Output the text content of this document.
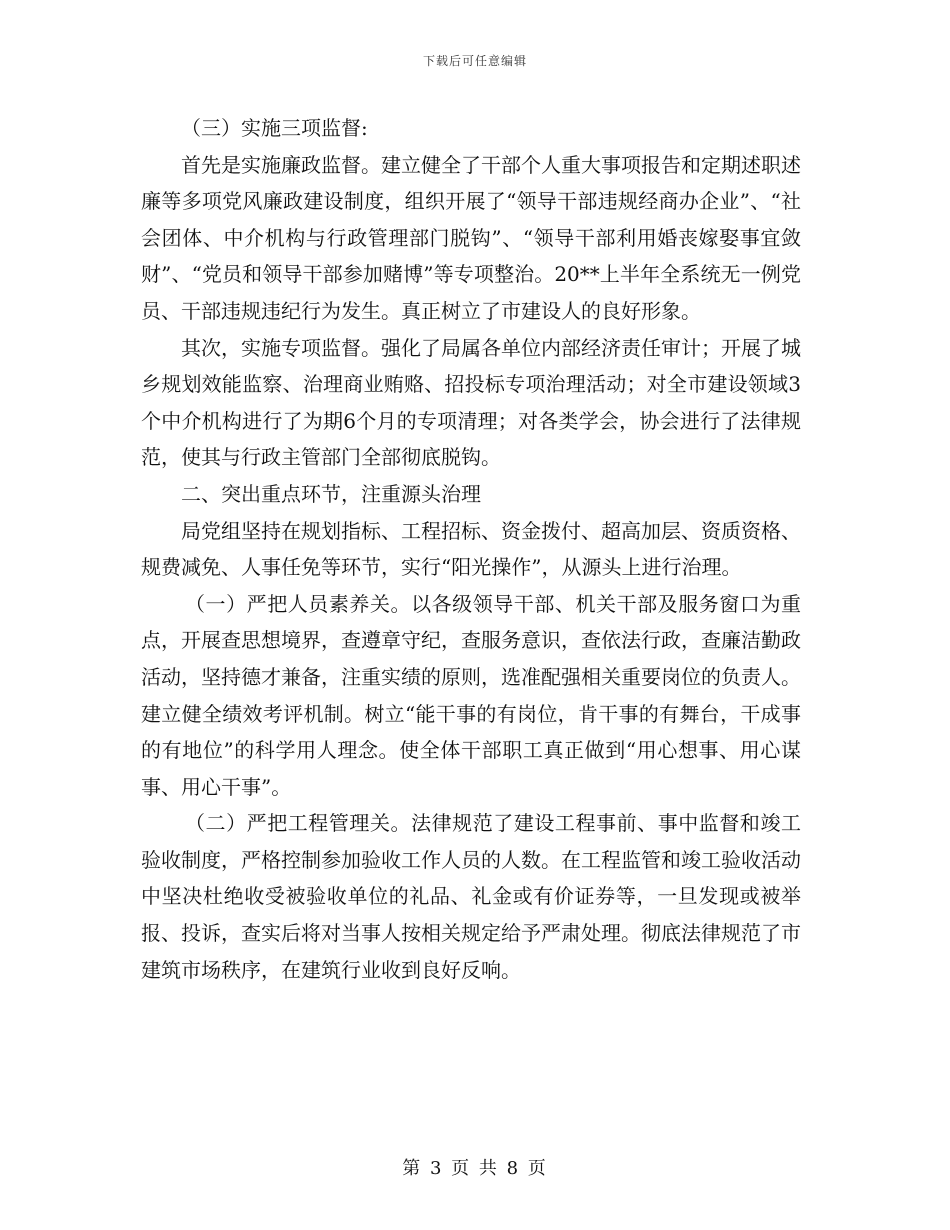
下载后可任意编辑

（三）实施三项监督:

首先是实施廉政监督。建立健全了干部个人重大事项报告和定期述职述廉等多项党风廉政建设制度，组织开展了“领导干部违规经商办企业”、“社会团体、中介机构与行政管理部门脱钩”、“领导干部利用婚丧嫁娶事宜敛财”、“党员和领导干部参加赌博”等专项整治。20**上半年全系统无一例党员、干部违规违纪行为发生。真正树立了市建设人的良好形象。

其次，实施专项监督。强化了局属各单位内部经济责任审计；开展了城乡规划效能监察、治理商业贿赂、招投标专项治理活动；对全市建设领域3个中介机构进行了为期6个月的专项清理；对各类学会，协会进行了法律规范，使其与行政主管部门全部彻底脱钩。

二、突出重点环节，注重源头治理

局党组坚持在规划指标、工程招标、资金拨付、超高加层、资质资格、规费减免、人事任免等环节，实行“阳光操作”，从源头上进行治理。

（一）严把人员素养关。以各级领导干部、机关干部及服务窗口为重点，开展查思想境界，查遵章守纪，查服务意识，查依法行政，查廉洁勤政活动，坚持德才兼备，注重实绩的原则，选准配强相关重要岗位的负责人。建立健全绩效考评机制。树立“能干事的有岗位，肯干事的有舞台，干成事的有地位”的科学用人理念。使全体干部职工真正做到“用心想事、用心谋事、用心干事”。

（二）严把工程管理关。法律规范了建设工程事前、事中监督和竣工验收制度，严格控制参加验收工作人员的人数。在工程监管和竣工验收活动中坚决杜绝收受被验收单位的礼品、礼金或有价证券等，一旦发现或被举报、投诉，查实后将对当事人按相关规定给予严肃处理。彻底法律规范了市建筑市场秩序，在建筑行业收到良好反响。

第 3 页 共 8 页
